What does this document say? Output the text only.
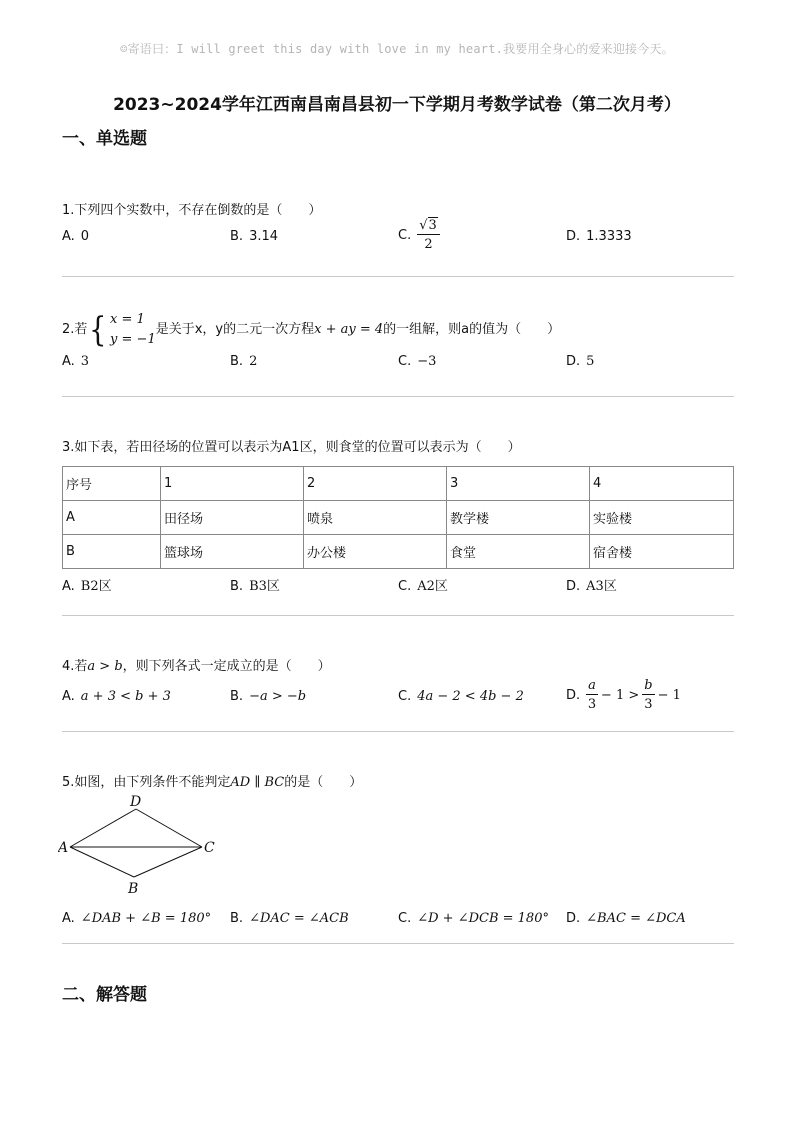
☺寄语曰：I will greet this day with love in my heart.我要用全身心的爱来迎接今天。
2023~2024学年江西南昌南昌县初一下学期月考数学试卷（第二次月考）
一、单选题
1.下列四个实数中，不存在倒数的是（　　）
A. 0	B. 3.14	C. $\frac{√3}{2}$	D. 1.3333
2.若 { x = 1
y = −1
是关于x，y的二元一次方程 x + ay = 4 的一组解，则a的值为（　　）
A. 3	B. 2	C. −3	D. 5
3.如下表，若田径场的位置可以表示为A1区，则食堂的位置可以表示为（　　）
序号	1	2	3	4
A	田径场	喷泉	教学楼	实验楼
B	篮球场	办公楼	食堂	宿舍楼
A. B2区	B. B3区	C. A2区	D. A3区
4.若a > b，则下列各式一定成立的是（　　）
A. a + 3 < b + 3	B. −a > −b	C. 4a − 2 < 4b − 2	D. $\frac{a}{3} - 1 > \frac{b}{3} - 1$
5.如图，由下列条件不能判定AD ∥ BC的是（　　）
D
A	C
B
A. ∠DAB + ∠B = 180° B. ∠DAC = ∠ACB	C. ∠D + ∠DCB = 180° D. ∠BAC = ∠DCA
二、解答题
